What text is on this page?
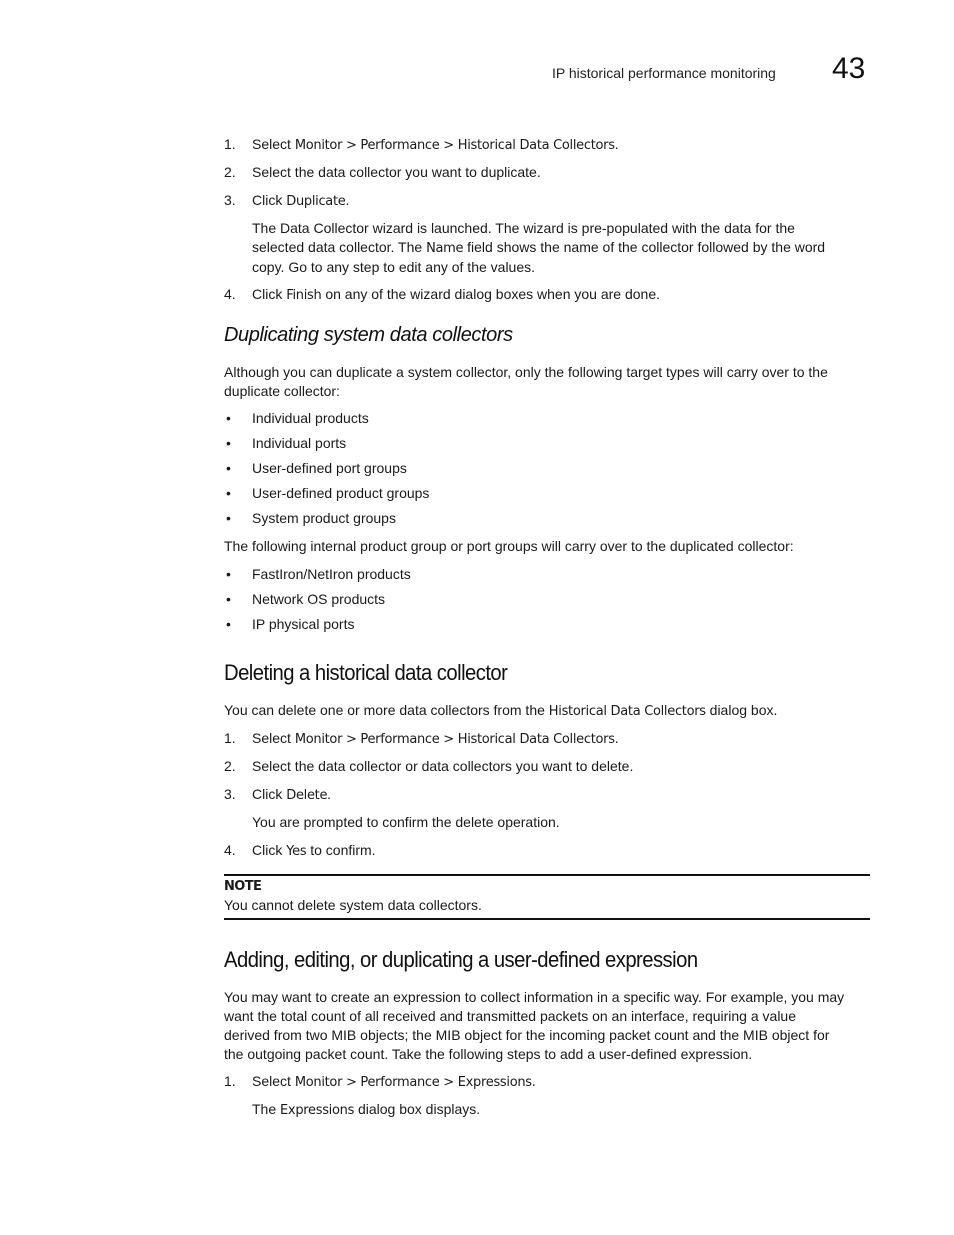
IP historical performance monitoring 43
1. Select Monitor > Performance > Historical Data Collectors.
2. Select the data collector you want to duplicate.
3. Click Duplicate.
The Data Collector wizard is launched. The wizard is pre-populated with the data for the
selected data collector. The Name field shows the name of the collector followed by the word
copy. Go to any step to edit any of the values.
4. Click Finish on any of the wizard dialog boxes when you are done.
Duplicating system data collectors
Although you can duplicate a system collector, only the following target types will carry over to the
duplicate collector:
• Individual products
• Individual ports
• User-defined port groups
• User-defined product groups
• System product groups
The following internal product group or port groups will carry over to the duplicated collector:
• FastIron/NetIron products
• Network OS products
• IP physical ports
Deleting a historical data collector
You can delete one or more data collectors from the Historical Data Collectors dialog box.
1. Select Monitor > Performance > Historical Data Collectors.
2. Select the data collector or data collectors you want to delete.
3. Click Delete.
You are prompted to confirm the delete operation.
4. Click Yes to confirm.
NOTE
You cannot delete system data collectors.
Adding, editing, or duplicating a user-defined expression
You may want to create an expression to collect information in a specific way. For example, you may
want the total count of all received and transmitted packets on an interface, requiring a value
derived from two MIB objects; the MIB object for the incoming packet count and the MIB object for
the outgoing packet count. Take the following steps to add a user-defined expression.
1. Select Monitor > Performance > Expressions.
The Expressions dialog box displays.
